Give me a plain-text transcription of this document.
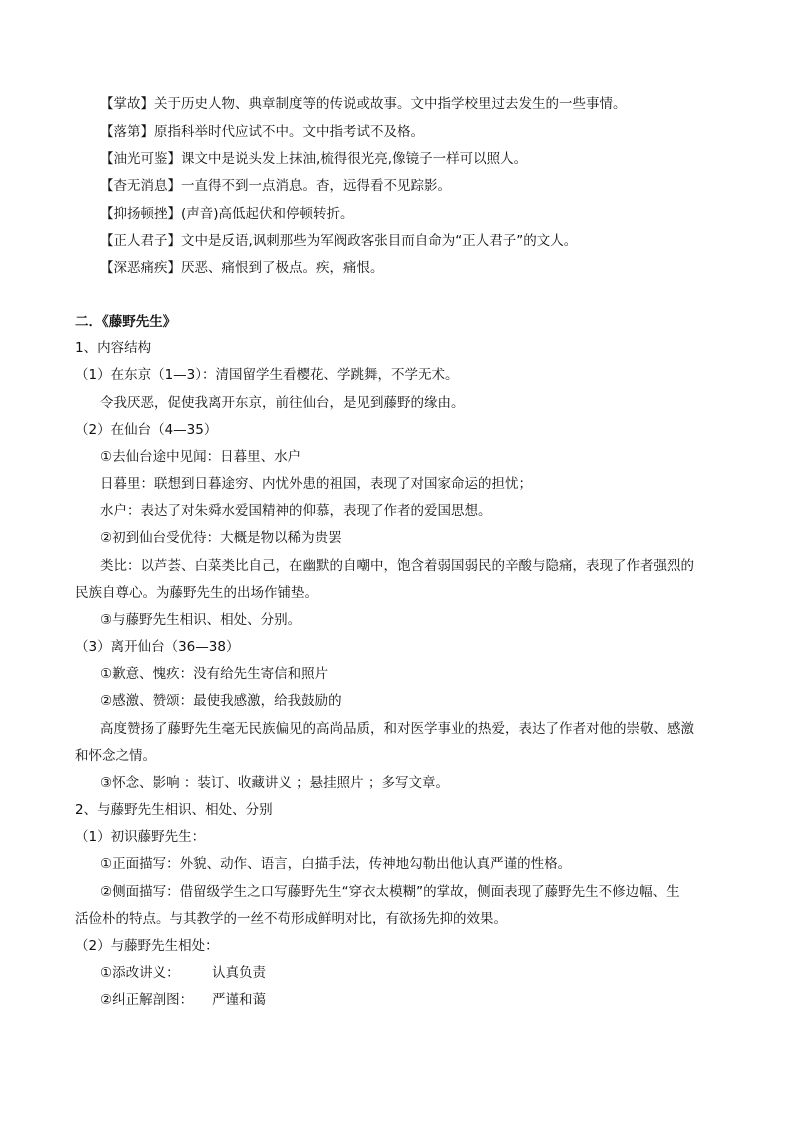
【掌故】关于历史人物、典章制度等的传说或故事。文中指学校里过去发生的一些事情。
【落第】原指科举时代应试不中。文中指考试不及格。
【油光可鉴】课文中是说头发上抹油,梳得很光亮,像镜子一样可以照人。
【杳无消息】一直得不到一点消息。杳，远得看不见踪影。
【抑扬顿挫】(声音)高低起伏和停顿转折。
【正人君子】文中是反语,讽刺那些为军阀政客张目而自命为“正人君子”的文人。
【深恶痛疾】厌恶、痛恨到了极点。疾，痛恨。
二．《藤野先生》
1、内容结构
（1）在东京（1—3）：清国留学生看樱花、学跳舞，不学无术。
令我厌恶，促使我离开东京，前往仙台，是见到藤野的缘由。
（2）在仙台（4—35）
①去仙台途中见闻：日暮里、水户
日暮里：联想到日暮途穷、内忧外患的祖国，表现了对国家命运的担忧；
水户：表达了对朱舜水爱国精神的仰慕，表现了作者的爱国思想。
②初到仙台受优待：大概是物以稀为贵罢
类比：以芦荟、白菜类比自己，在幽默的自嘲中，饱含着弱国弱民的辛酸与隐痛，表现了作者强烈的
民族自尊心。为藤野先生的出场作铺垫。
③与藤野先生相识、相处、分别。
（3）离开仙台（36—38）
①歉意、愧疚：没有给先生寄信和照片
②感激、赞颂：最使我感激，给我鼓励的
高度赞扬了藤野先生毫无民族偏见的高尚品质，和对医学事业的热爱，表达了作者对他的崇敬、感激
和怀念之情。
③怀念、影响 ：装订、收藏讲义 ；悬挂照片 ；多写文章。
2、与藤野先生相识、相处、分别
（1）初识藤野先生：
①正面描写：外貌、动作、语言，白描手法，传神地勾勒出他认真严谨的性格。
②侧面描写：借留级学生之口写藤野先生“穿衣太模糊”的掌故，侧面表现了藤野先生不修边幅、生
活俭朴的特点。与其教学的一丝不苟形成鲜明对比，有欲扬先抑的效果。
（2）与藤野先生相处：
①添改讲义： 认真负责
②纠正解剖图： 严谨和蔼
